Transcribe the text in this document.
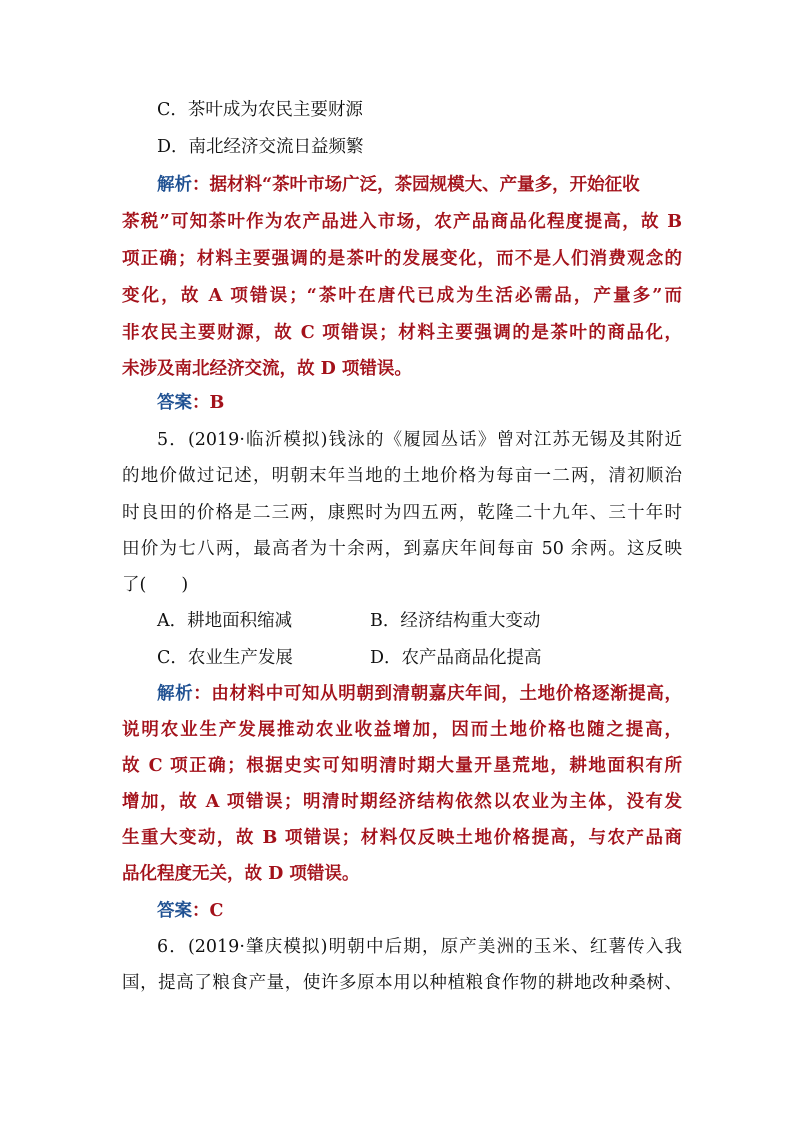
C．茶叶成为农民主要财源
D．南北经济交流日益频繁
解析：据材料“茶叶市场广泛，茶园规模大、产量多，开始征收
茶税”可知茶叶作为农产品进入市场，农产品商品化程度提高，故 B
项正确；材料主要强调的是茶叶的发展变化，而不是人们消费观念的
变化，故 A 项错误；“茶叶在唐代已成为生活必需品，产量多”而
非农民主要财源，故 C 项错误；材料主要强调的是茶叶的商品化，
未涉及南北经济交流，故 D 项错误。
答案：B
5．(2019·临沂模拟)钱泳的《履园丛话》曾对江苏无锡及其附近
的地价做过记述，明朝末年当地的土地价格为每亩一二两，清初顺治
时良田的价格是二三两，康熙时为四五两，乾隆二十九年、三十年时
田价为七八两，最高者为十余两，到嘉庆年间每亩 50 余两。这反映
了(　　)
A．耕地面积缩减	B．经济结构重大变动
C．农业生产发展	D．农产品商品化提高
解析：由材料中可知从明朝到清朝嘉庆年间，土地价格逐渐提高，
说明农业生产发展推动农业收益增加，因而土地价格也随之提高，
故 C 项正确；根据史实可知明清时期大量开垦荒地，耕地面积有所
增加，故 A 项错误；明清时期经济结构依然以农业为主体，没有发
生重大变动，故 B 项错误；材料仅反映土地价格提高，与农产品商
品化程度无关，故 D 项错误。
答案：C
6．(2019·肇庆模拟)明朝中后期，原产美洲的玉米、红薯传入我
国，提高了粮食产量，使许多原本用以种植粮食作物的耕地改种桑树、
